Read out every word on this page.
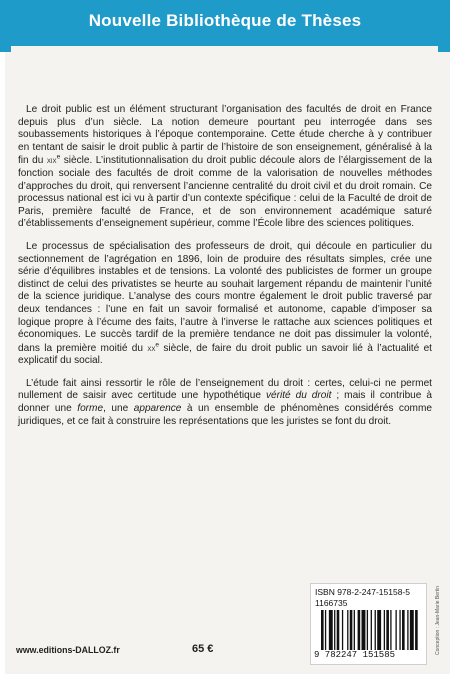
Nouvelle Bibliothèque de Thèses

Le droit public est un élément structurant l’organisation des facultés de droit en France depuis plus d’un siècle. La notion demeure pourtant peu interrogée dans ses soubassements historiques à l’époque contemporaine. Cette étude cherche à y contribuer en tentant de saisir le droit public à partir de l’histoire de son enseignement, généralisé à la fin du xix$^e$ siècle. L’institutionnalisation du droit public découle alors de l’élargissement de la fonction sociale des facultés de droit comme de la valorisation de nouvelles méthodes d’approches du droit, qui renversent l’ancienne centralité du droit civil et du droit romain. Ce processus national est ici vu à partir d’un contexte spécifique : celui de la Faculté de droit de Paris, première faculté de France, et de son environnement académique saturé d’établissements d’enseignement supérieur, comme l’École libre des sciences politiques.

Le processus de spécialisation des professeurs de droit, qui découle en particulier du sectionnement de l’agrégation en 1896, loin de produire des résultats simples, crée une série d’équilibres instables et de tensions. La volonté des publicistes de former un groupe distinct de celui des privatistes se heurte au souhait largement répandu de maintenir l’unité de la science juridique. L’analyse des cours montre également le droit public traversé par deux tendances : l’une en fait un savoir formalisé et autonome, capable d’imposer sa logique propre à l’écume des faits, l’autre à l’inverse le rattache aux sciences politiques et économiques. Le succès tardif de la première tendance ne doit pas dissimuler la volonté, dans la première moitié du $xx^e$ siècle, de faire du droit public un savoir lié à l’actualité et explicatif du social.

L’étude fait ainsi ressortir le rôle de l’enseignement du droit : certes, celui-ci ne permet nullement de saisir avec certitude une hypothétique vérité du droit ; mais il contribue à donner une forme, une apparence à un ensemble de phénomènes considérés comme juridiques, et ce fait à construire les représentations que les juristes se font du droit.

ISBN 978-2-247-15158-5
1166735
9 782247 151585	Conception : Jean-Marie Bertin
www.editions-DALLOZ.fr	65 €
